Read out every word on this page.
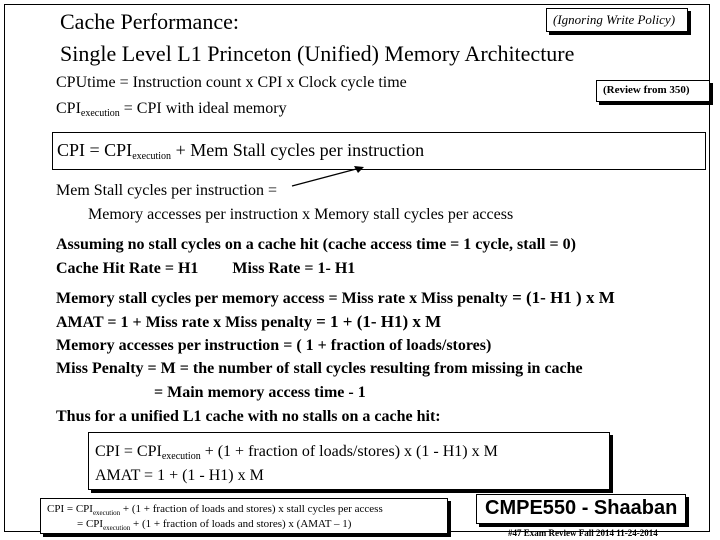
(Ignoring Write Policy)
Cache Performance:
Single Level L1 Princeton (Unified) Memory Architecture
(Review from 350)
CPUtime = Instruction count x CPI x Clock cycle time
$CPI_{execution}$ = CPI with ideal memory
CPI = $CPI_{execution}$ + Mem Stall cycles per instruction
Mem Stall cycles per instruction =
Memory accesses per instruction x Memory stall cycles per access
Assuming no stall cycles on a cache hit (cache access time = 1 cycle, stall = 0)
Cache Hit Rate = H1 Miss Rate = 1- H1
Memory stall cycles per memory access = Miss rate x Miss penalty = (1- H1 ) x M
AMAT = 1 + Miss rate x Miss penalty = 1 + (1- H1) x M
Memory accesses per instruction = ( 1 + fraction of loads/stores)
Miss Penalty = M = the number of stall cycles resulting from missing in cache
= Main memory access time - 1
Thus for a unified L1 cache with no stalls on a cache hit:
CPI = $CPI_{execution} + (1$ + fraction of loads/stores) x (1 - H1) x M
AMAT = 1 + (1 - H1) x M
CPI = $CPI_{execution} + (1$ + fraction of loads and stores) x stall cycles per access
= $CPI_{execution} + (1$ + fraction of loads and stores) x (AMAT – 1)
CMPE550 - Shaaban
#47 Exam Review Fall 2014 11-24-2014
